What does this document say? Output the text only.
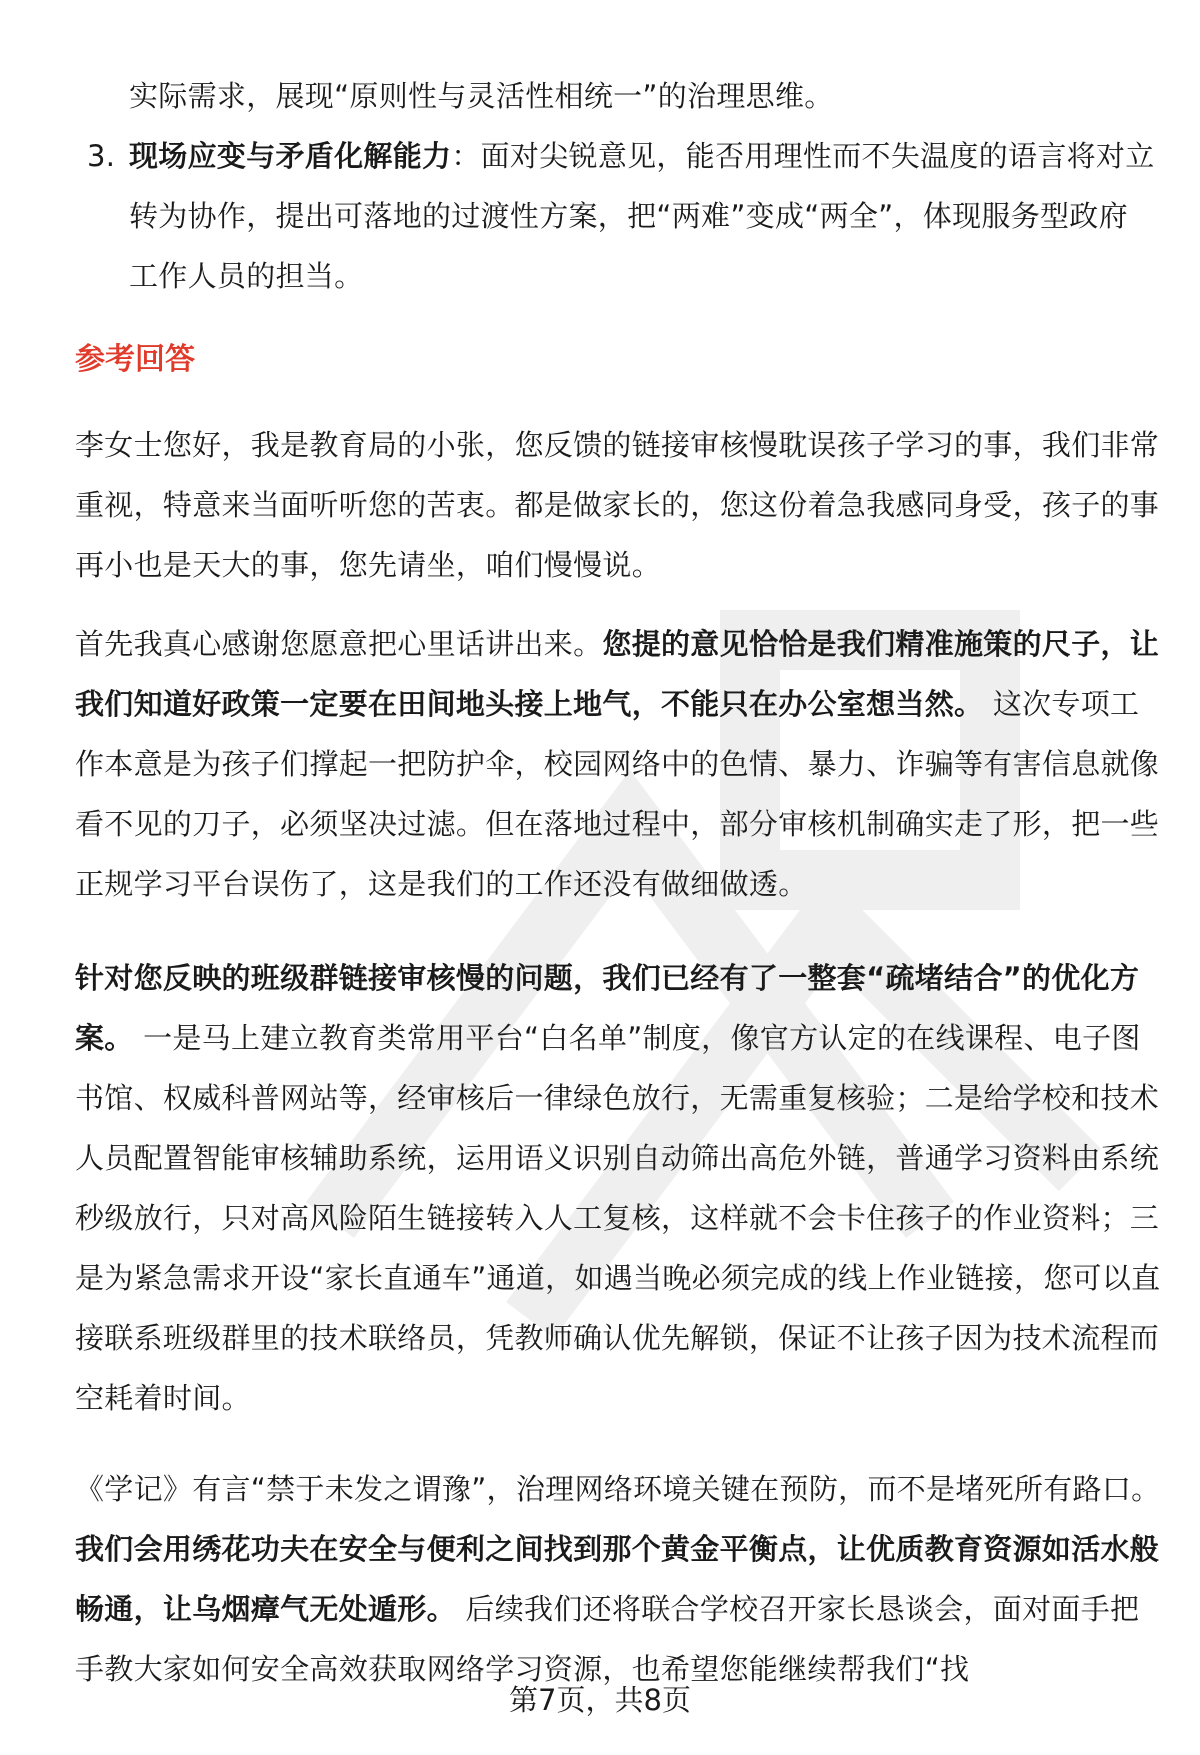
实际需求，展现“原则性与灵活性相统一”的治理思维。
3. 现场应变与矛盾化解能力：面对尖锐意见，能否用理性而不失温度的语言将对立转为协作，提出可落地的过渡性方案，把“两难”变成“两全”，体现服务型政府工作人员的担当。
参考回答
李女士您好，我是教育局的小张，您反馈的链接审核慢耽误孩子学习的事，我们非常重视，特意来当面听听您的苦衷。都是做家长的，您这份着急我感同身受，孩子的事再小也是天大的事，您先请坐，咱们慢慢说。
首先我真心感谢您愿意把心里话讲出来。您提的意见恰恰是我们精准施策的尺子，让我们知道好政策一定要在田间地头接上地气，不能只在办公室想当然。 这次专项工作本意是为孩子们撑起一把防护伞，校园网络中的色情、暴力、诈骗等有害信息就像看不见的刀子，必须坚决过滤。但在落地过程中，部分审核机制确实走了形，把一些正规学习平台误伤了，这是我们的工作还没有做细做透。
针对您反映的班级群链接审核慢的问题，我们已经有了一整套“疏堵结合”的优化方案。 一是马上建立教育类常用平台“白名单”制度，像官方认定的在线课程、电子图书馆、权威科普网站等，经审核后一律绿色放行，无需重复核验；二是给学校和技术人员配置智能审核辅助系统，运用语义识别自动筛出高危外链，普通学习资料由系统秒级放行，只对高风险陌生链接转入人工复核，这样就不会卡住孩子的作业资料；三是为紧急需求开设“家长直通车”通道，如遇当晚必须完成的线上作业链接，您可以直接联系班级群里的技术联络员，凭教师确认优先解锁，保证不让孩子因为技术流程而空耗着时间。
《学记》有言“禁于未发之谓豫”，治理网络环境关键在预防，而不是堵死所有路口。我们会用绣花功夫在安全与便利之间找到那个黄金平衡点，让优质教育资源如活水般畅通，让乌烟瘴气无处遁形。 后续我们还将联合学校召开家长恳谈会，面对面手把手教大家如何安全高效获取网络学习资源，也希望您能继续帮我们“找
第7页，共8页
